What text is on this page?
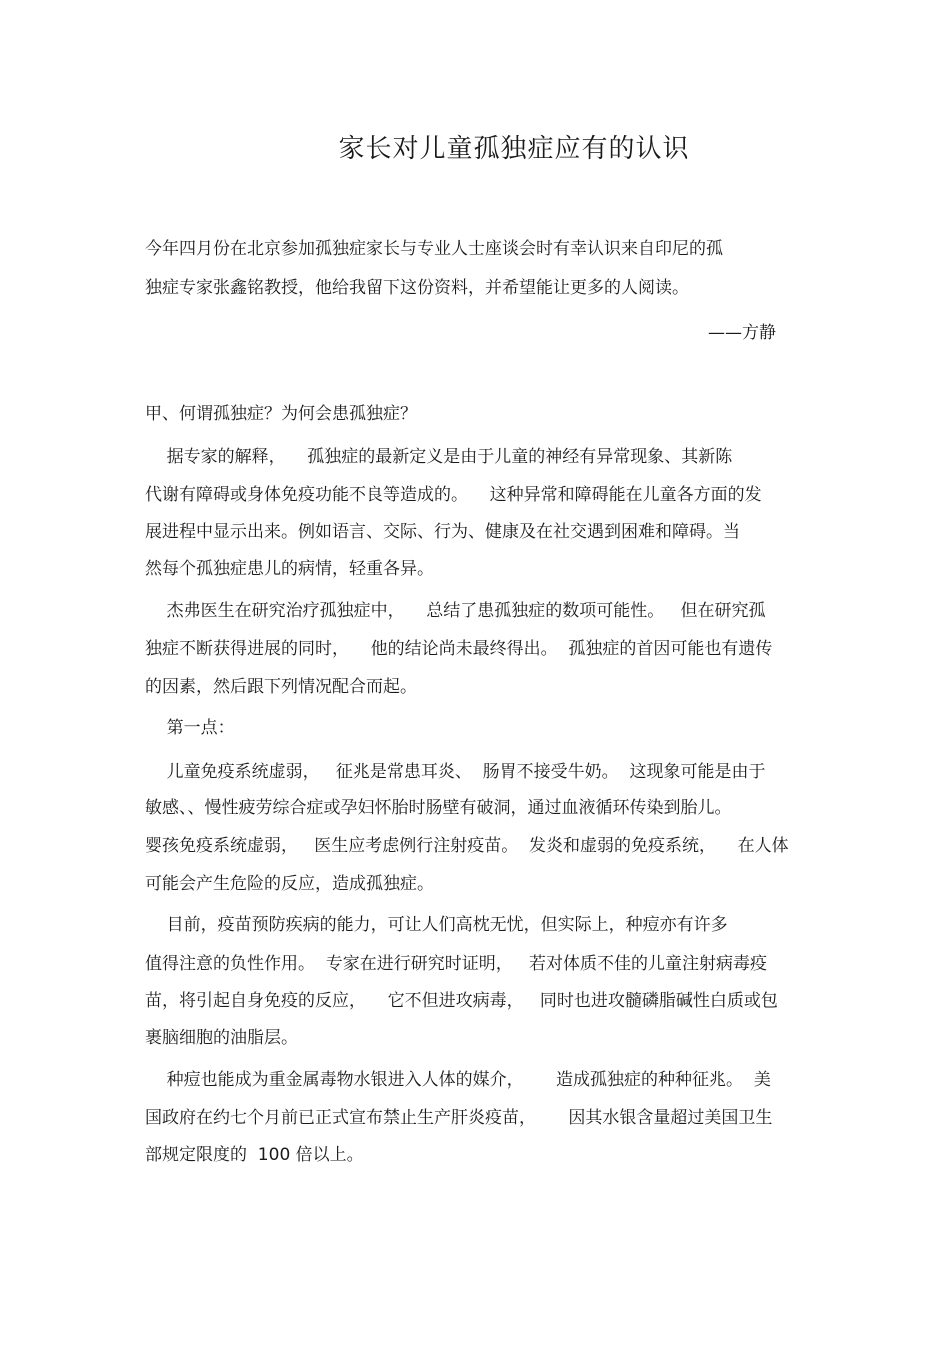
家长对儿童孤独症应有的认识
今年四月份在北京参加孤独症家长与专业人士座谈会时有幸认识来自印尼的孤
独症专家张鑫铭教授，他给我留下这份资料，并希望能让更多的人阅读。
——方静
甲、何谓孤独症？为何会患孤独症？
据专家的解释，    孤独症的最新定义是由于儿童的神经有异常现象、其新陈
代谢有障碍或身体免疫功能不良等造成的。    这种异常和障碍能在儿童各方面的发
展进程中显示出来。例如语言、交际、行为、健康及在社交遇到困难和障碍。当
然每个孤独症患儿的病情，轻重各异。
杰弗医生在研究治疗孤独症中，    总结了患孤独症的数项可能性。   但在研究孤
独症不断获得进展的同时，    他的结论尚未最终得出。  孤独症的首因可能也有遗传
的因素，然后跟下列情况配合而起。
第一点：
儿童免疫系统虚弱，   征兆是常患耳炎、  肠胃不接受牛奶。  这现象可能是由于
敏感、、慢性疲劳综合症或孕妇怀胎时肠壁有破洞，通过血液循环传染到胎儿。
婴孩免疫系统虚弱，   医生应考虑例行注射疫苗。  发炎和虚弱的免疫系统，    在人体
可能会产生危险的反应，造成孤独症。
目前，疫苗预防疾病的能力，可让人们高枕无忧，但实际上，种痘亦有许多
值得注意的负性作用。  专家在进行研究时证明，   若对体质不佳的儿童注射病毒疫
苗，将引起自身免疫的反应，    它不但进攻病毒，   同时也进攻髓磷脂碱性白质或包
裹脑细胞的油脂层。
种痘也能成为重金属毒物水银进入人体的媒介，      造成孤独症的种种征兆。  美
国政府在约七个月前已正式宣布禁止生产肝炎疫苗，      因其水银含量超过美国卫生
部规定限度的  100 倍以上。
